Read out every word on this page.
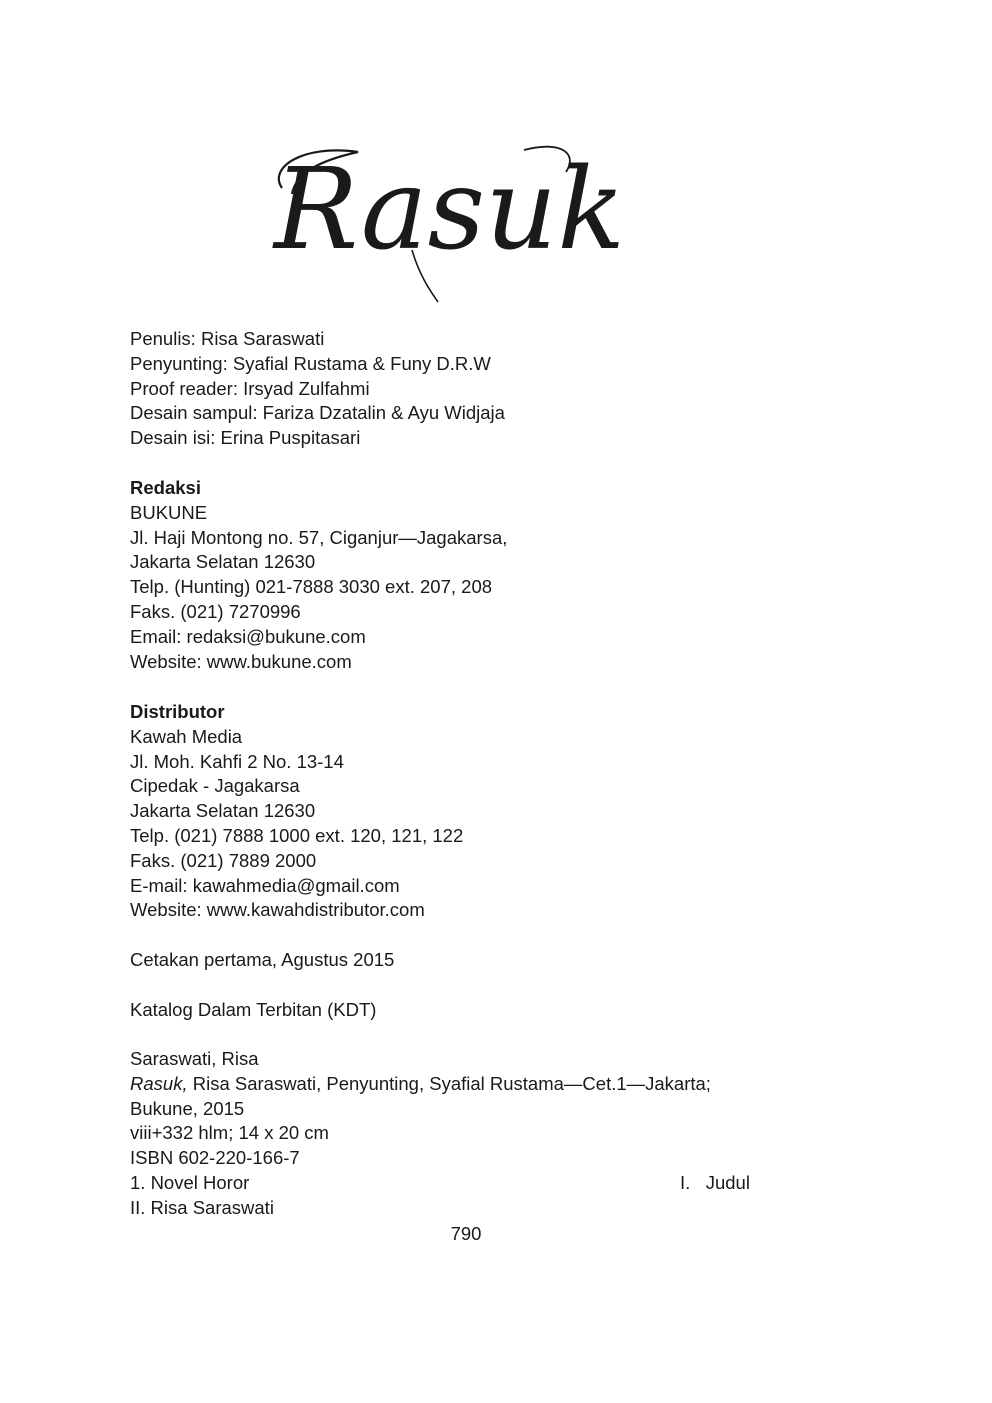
Rasuk
Penulis: Risa Saraswati
Penyunting: Syafial Rustama & Funy D.R.W
Proof reader: Irsyad Zulfahmi
Desain sampul: Fariza Dzatalin & Ayu Widjaja
Desain isi: Erina Puspitasari
Redaksi
BUKUNE
Jl. Haji Montong no. 57, Ciganjur—Jagakarsa,
Jakarta Selatan 12630
Telp. (Hunting) 021-7888 3030 ext. 207, 208
Faks. (021) 7270996
Email: redaksi@bukune.com
Website: www.bukune.com
Distributor
Kawah Media
Jl. Moh. Kahfi 2 No. 13-14
Cipedak - Jagakarsa
Jakarta Selatan 12630
Telp. (021) 7888 1000 ext. 120, 121, 122
Faks. (021) 7889 2000
E-mail: kawahmedia@gmail.com
Website: www.kawahdistributor.com
Cetakan pertama, Agustus 2015
Katalog Dalam Terbitan (KDT)
Saraswati, Risa
Rasuk, Risa Saraswati, Penyunting, Syafial Rustama—Cet.1—Jakarta;
Bukune, 2015
viii+332 hlm; 14 x 20 cm
ISBN 602-220-166-7
1. Novel Horor	I.   Judul
II. Risa Saraswati
790
